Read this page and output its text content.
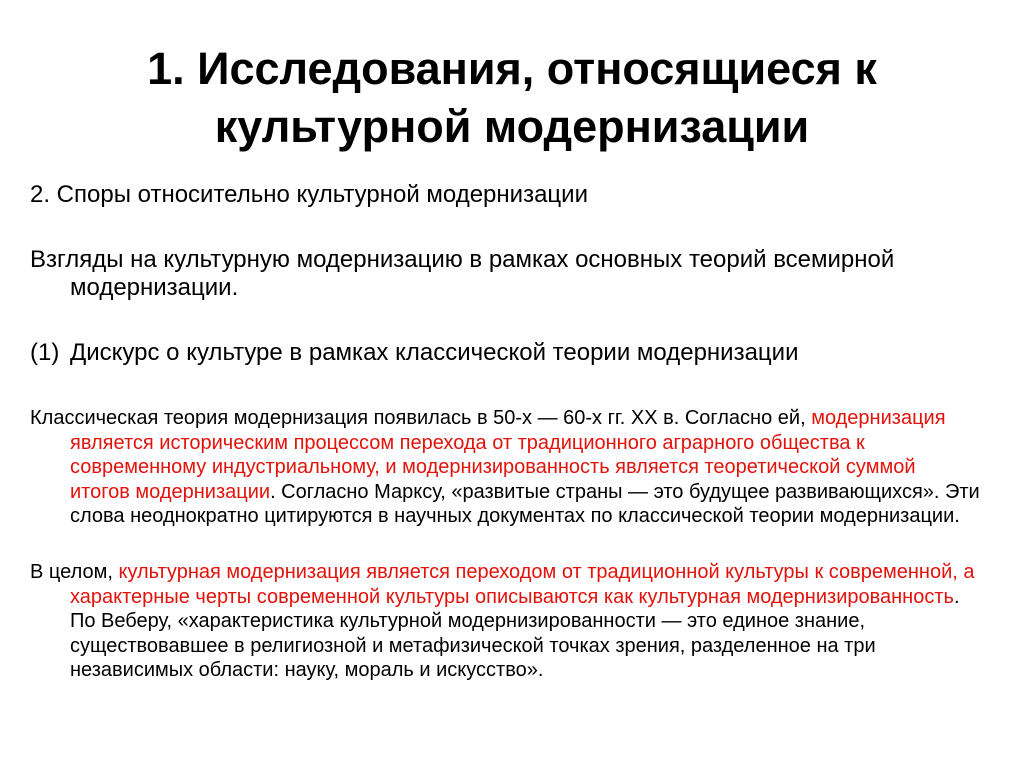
1. Исследования, относящиеся к
культурной модернизации

2. Споры относительно культурной модернизации

Взгляды на культурную модернизацию в рамках основных теорий всемирной модернизации.

(1) Дискурс о культуре в рамках классической теории модернизации

Классическая теория модернизация появилась в 50-х — 60-х гг. XX в. Согласно ей, модернизация является историческим процессом перехода от традиционного аграрного общества к современному индустриальному, и модернизированность является теоретической суммой итогов модернизации. Согласно Марксу, «развитые страны — это будущее развивающихся». Эти слова неоднократно цитируются в научных документах по классической теории модернизации.

В целом, культурная модернизация является переходом от традиционной культуры к современной, а характерные черты современной культуры описываются как культурная модернизированность. По Веберу, «характеристика культурной модернизированности — это единое знание, существовавшее в религиозной и метафизической точках зрения, разделенное на три независимых области: науку, мораль и искусство».
